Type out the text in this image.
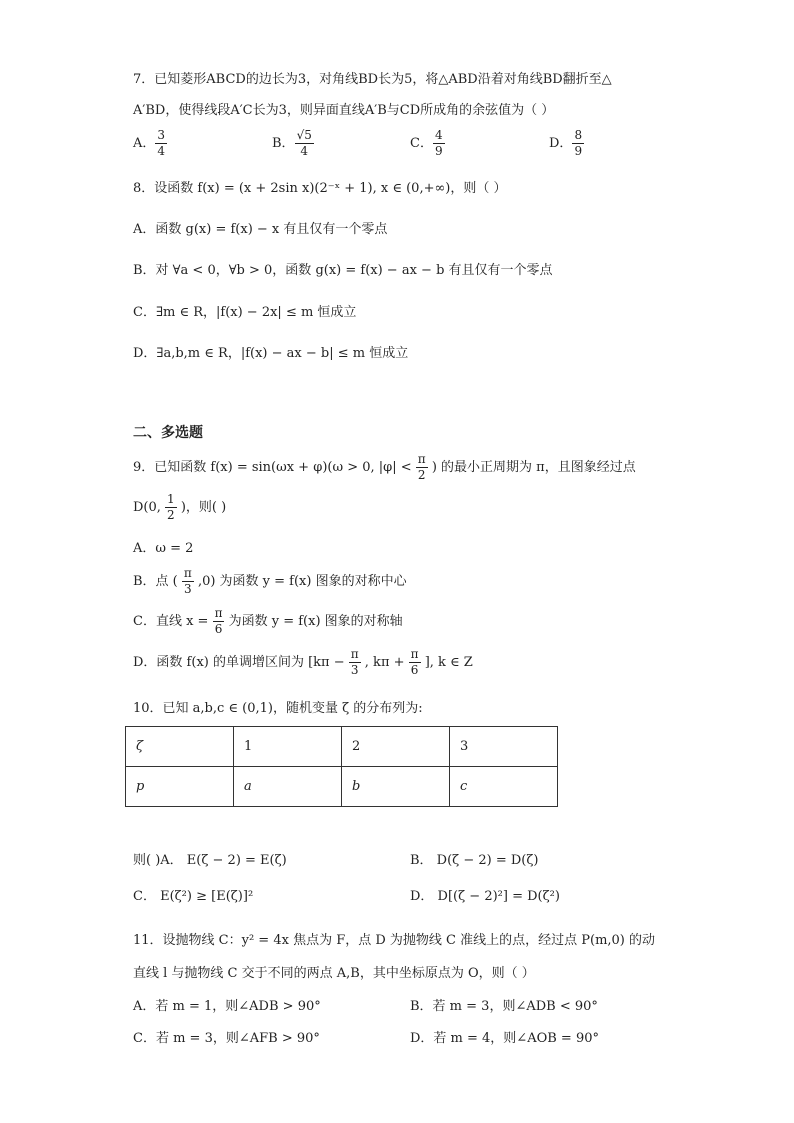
7．已知菱形ABCD的边长为3，对角线BD长为5，将△ABD沿着对角线BD翻折至△
A′BD，使得线段A′C长为3，则异面直线A′B与CD所成角的余弦值为（ ）
A． $\frac{3}{4}$	B． $\frac{√5}{4}$	C． $\frac{4}{9}$	D． $\frac{8}{9}$
8．设函数 f(x) = (x + 2sin x)(2⁻ˣ + 1), x ∈ (0,+∞)，则（ ）
A．函数 g(x) = f(x) − x 有且仅有一个零点
B．对 ∀a < 0，∀b > 0，函数 g(x) = f(x) − ax − b 有且仅有一个零点
C．∃m ∈ R，|f(x) − 2x| ≤ m 恒成立
D．∃a,b,m ∈ R，|f(x) − ax − b| ≤ m 恒成立
二、多选题
9．已知函数 f(x) = sin(ωx + φ)(ω > 0, $|\varphi| < \frac{\pi}{2}$ ) 的最小正周期为 π，且图象经过点
D(0, $\frac{1}{2}$ )，则( )
A．ω = 2
B．点 ( $\frac{\pi}{3} ,0$) 为函数 y = f(x) 图象的对称中心
C．直线 $x = \frac{\pi}{6}$ 为函数 y = f(x) 图象的对称轴
D．函数 f(x) 的单调增区间为 [$k\pi - \frac{\pi}{3}$ , $k\pi + \frac{\pi}{6}$ ], k ∈ Z
10．已知 a,b,c ∈ (0,1)，随机变量 ζ 的分布列为:
ζ	1	2	3
p	a	b	c
则( )A． E(ζ − 2) = E(ζ)	B． D(ζ − 2) = D(ζ)
C． E(ζ²) ≥ [E(ζ)]²	D． D[(ζ − 2)²] = D(ζ²)
11．设抛物线 C：y² = 4x 焦点为 F，点 D 为抛物线 C 准线上的点，经过点 P(m,0) 的动
直线 l 与抛物线 C 交于不同的两点 A,B，其中坐标原点为 O，则（ ）
A．若 m = 1，则∠ADB > 90°	B．若 m = 3，则∠ADB < 90°
C．若 m = 3，则∠AFB > 90°	D．若 m = 4，则∠AOB = 90°
